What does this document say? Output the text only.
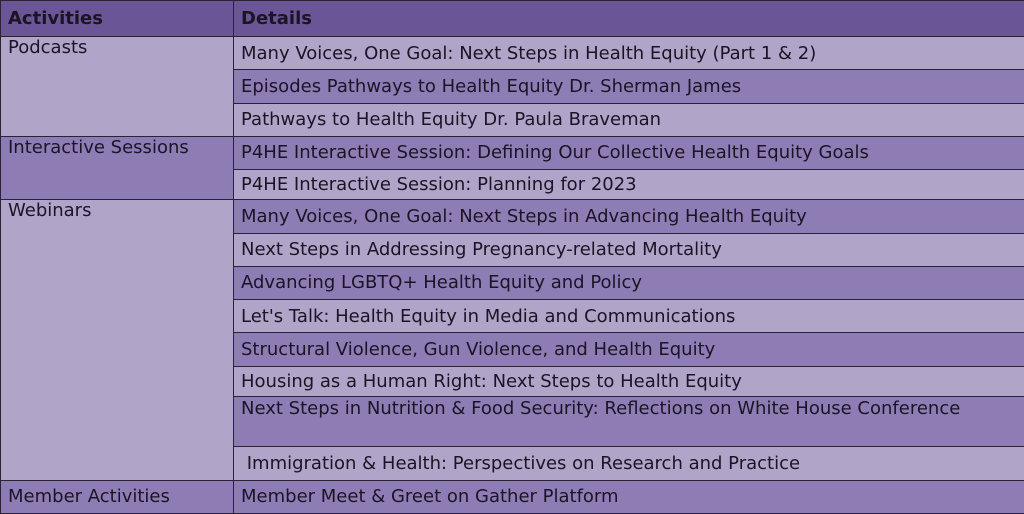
Activities	Details
Podcasts	Many Voices, One Goal: Next Steps in Health Equity (Part 1 & 2)
	Episodes Pathways to Health Equity Dr. Sherman James
	Pathways to Health Equity Dr. Paula Braveman
Interactive Sessions	P4HE Interactive Session: Defining Our Collective Health Equity Goals
	P4HE Interactive Session: Planning for 2023
Webinars	Many Voices, One Goal: Next Steps in Advancing Health Equity
	Next Steps in Addressing Pregnancy-related Mortality
	Advancing LGBTQ+ Health Equity and Policy
	Let's Talk: Health Equity in Media and Communications
	Structural Violence, Gun Violence, and Health Equity
	Housing as a Human Right: Next Steps to Health Equity
	Next Steps in Nutrition & Food Security: Reflections on White House Conference
	Immigration & Health: Perspectives on Research and Practice
Member Activities	Member Meet & Greet on Gather Platform
